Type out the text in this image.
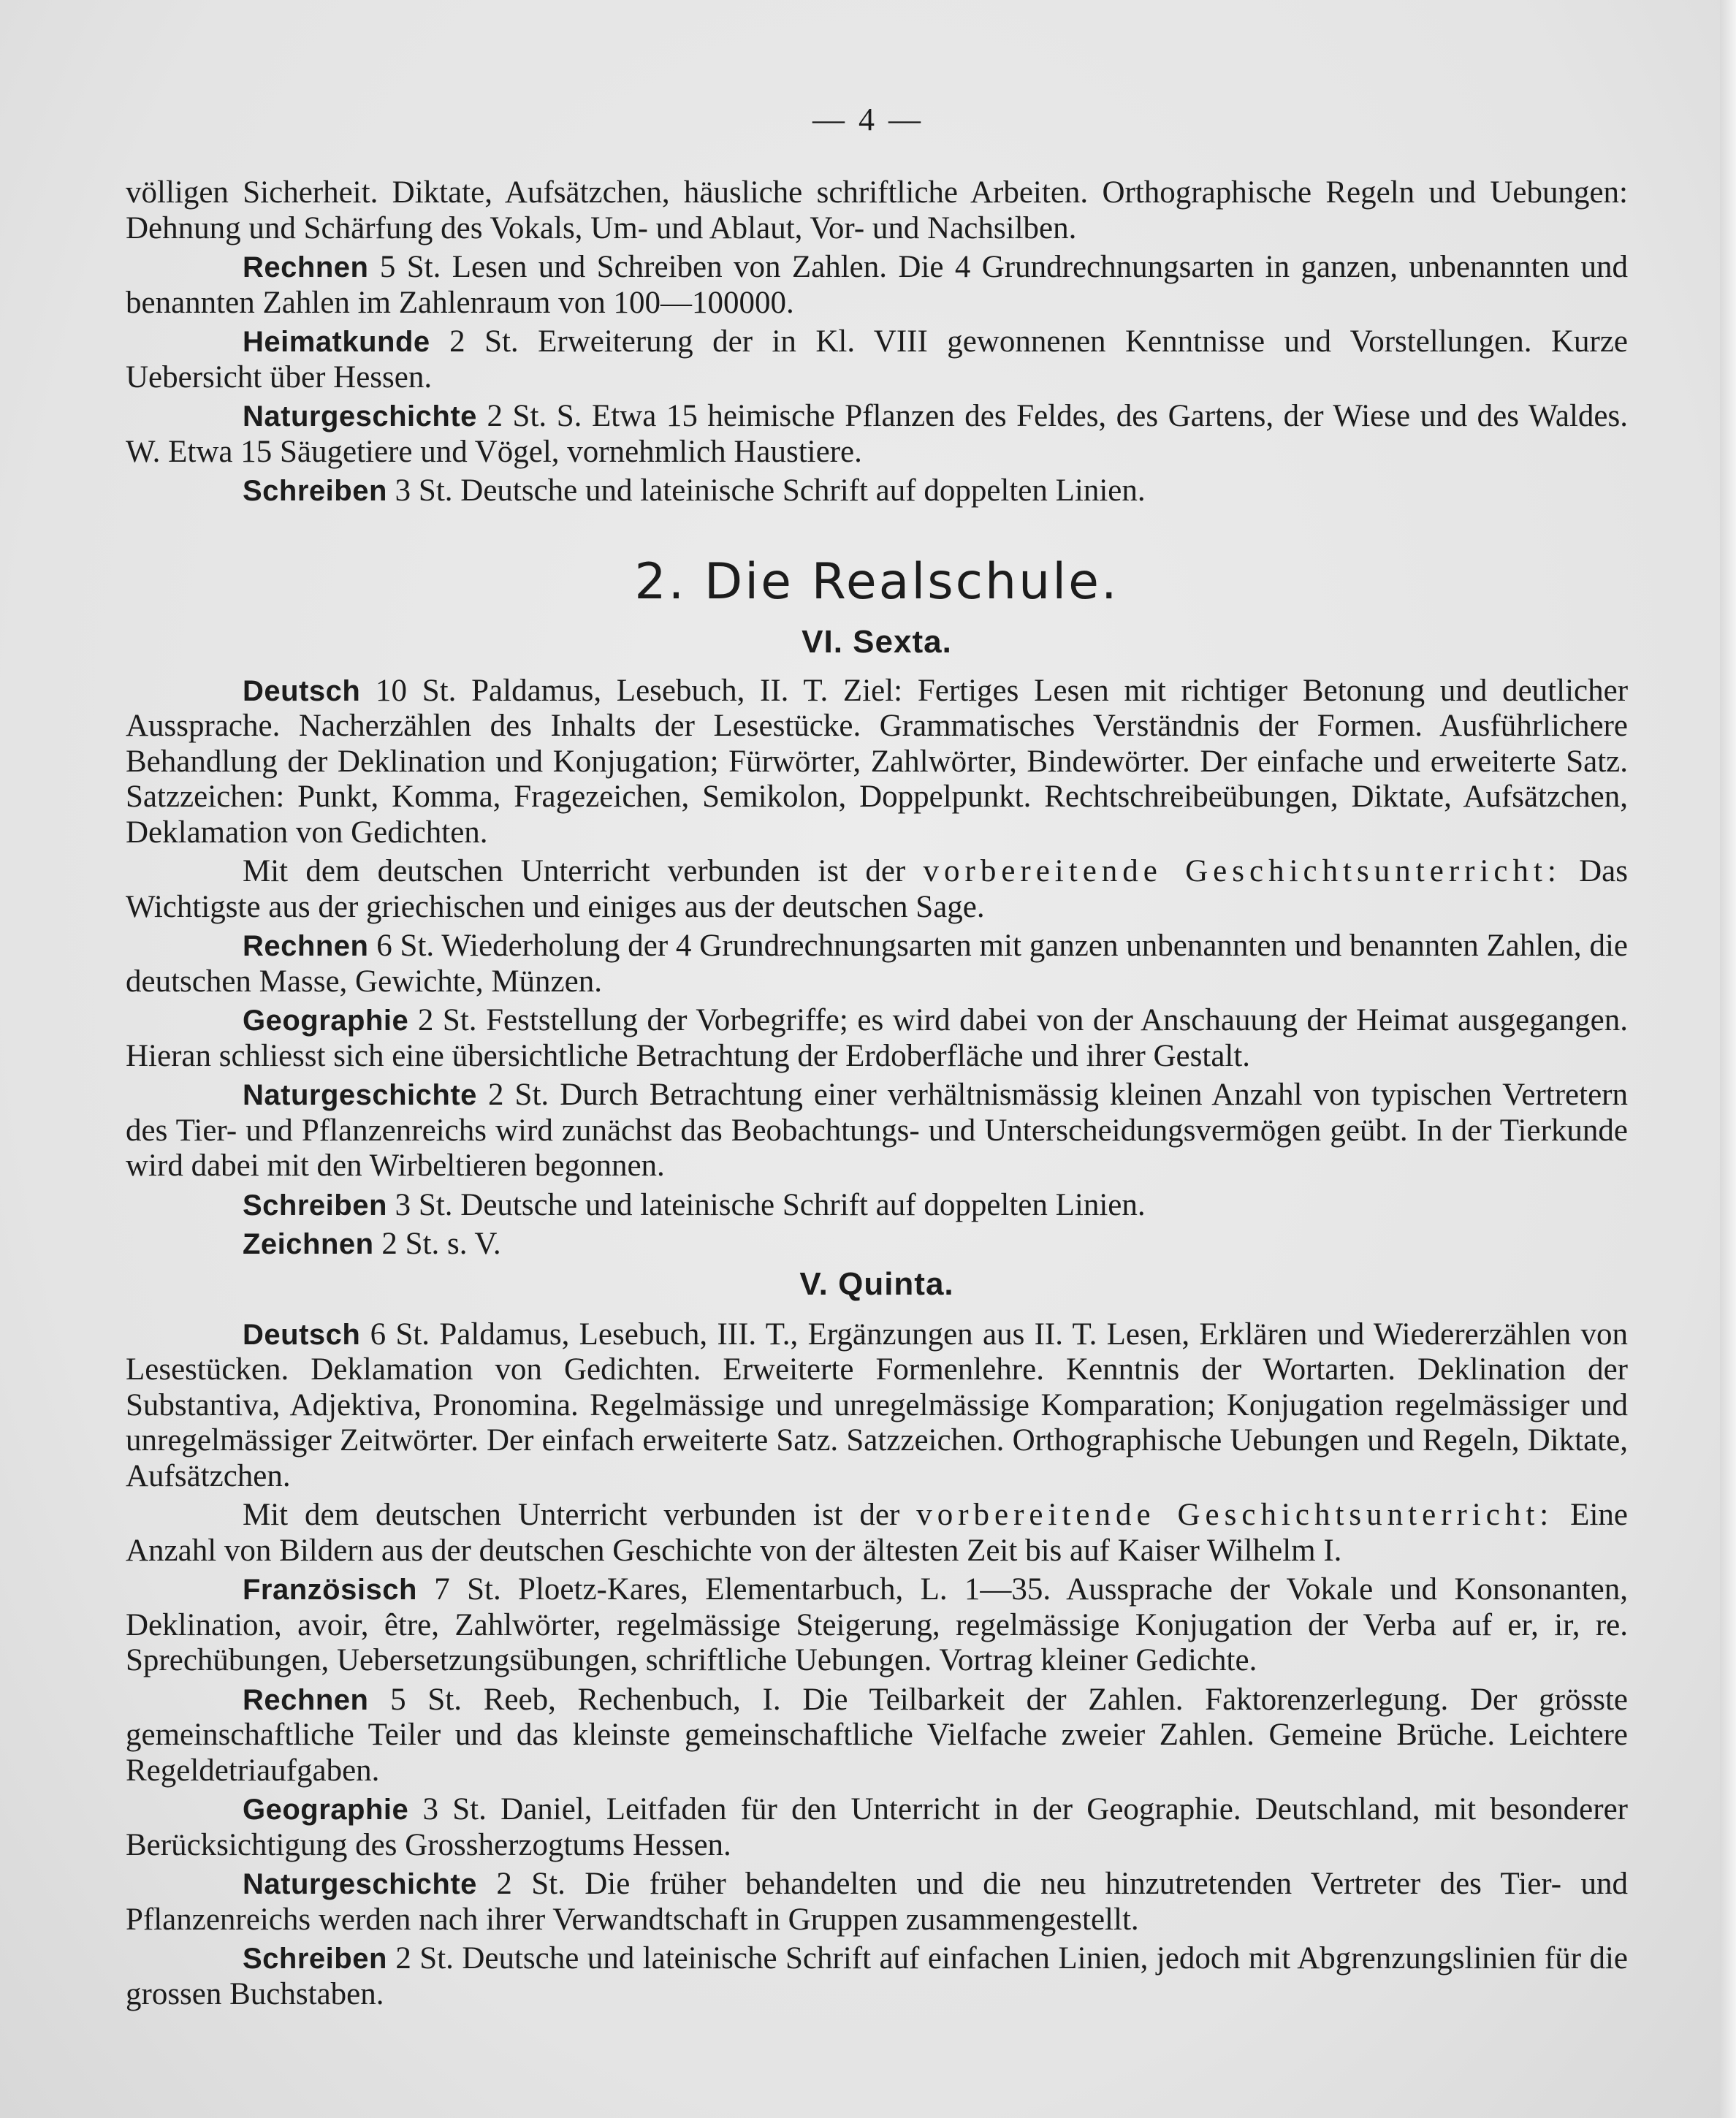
— 4 —

völligen Sicherheit. Diktate, Aufsätzchen, häusliche schriftliche Arbeiten. Orthographische Regeln und Uebungen: Dehnung und Schärfung des Vokals, Um- und Ablaut, Vor- und Nachsilben.

Rechnen 5 St. Lesen und Schreiben von Zahlen. Die 4 Grundrechnungsarten in ganzen, unbenannten und benannten Zahlen im Zahlenraum von 100—100000.

Heimatkunde 2 St. Erweiterung der in Kl. VIII gewonnenen Kenntnisse und Vorstellungen. Kurze Uebersicht über Hessen.

Naturgeschichte 2 St. S. Etwa 15 heimische Pflanzen des Feldes, des Gartens, der Wiese und des Waldes. W. Etwa 15 Säugetiere und Vögel, vornehmlich Haustiere.

Schreiben 3 St. Deutsche und lateinische Schrift auf doppelten Linien.

2. Die Realschule.
VI. Sexta.

Deutsch 10 St. Paldamus, Lesebuch, II. T. Ziel: Fertiges Lesen mit richtiger Betonung und deutlicher Aussprache. Nacherzählen des Inhalts der Lesestücke. Grammatisches Verständnis der Formen. Ausführlichere Behandlung der Deklination und Konjugation; Fürwörter, Zahlwörter, Bindewörter. Der einfache und erweiterte Satz. Satzzeichen: Punkt, Komma, Fragezeichen, Semikolon, Doppelpunkt. Rechtschreibeübungen, Diktate, Aufsätzchen, Deklamation von Gedichten.

Mit dem deutschen Unterricht verbunden ist der vorbereitende Geschichtsunterricht: Das Wichtigste aus der griechischen und einiges aus der deutschen Sage.

Rechnen 6 St. Wiederholung der 4 Grundrechnungsarten mit ganzen unbenannten und benannten Zahlen, die deutschen Masse, Gewichte, Münzen.

Geographie 2 St. Feststellung der Vorbegriffe; es wird dabei von der Anschauung der Heimat ausgegangen. Hieran schliesst sich eine übersichtliche Betrachtung der Erdoberfläche und ihrer Gestalt.

Naturgeschichte 2 St. Durch Betrachtung einer verhältnismässig kleinen Anzahl von typischen Vertretern des Tier- und Pflanzenreichs wird zunächst das Beobachtungs- und Unterscheidungsvermögen geübt. In der Tierkunde wird dabei mit den Wirbeltieren begonnen.

Schreiben 3 St. Deutsche und lateinische Schrift auf doppelten Linien.

Zeichnen 2 St. s. V.

V. Quinta.

Deutsch 6 St. Paldamus, Lesebuch, III. T., Ergänzungen aus II. T. Lesen, Erklären und Wiedererzählen von Lesestücken. Deklamation von Gedichten. Erweiterte Formenlehre. Kenntnis der Wortarten. Deklination der Substantiva, Adjektiva, Pronomina. Regelmässige und unregelmässige Komparation; Konjugation regelmässiger und unregelmässiger Zeitwörter. Der einfach erweiterte Satz. Satzzeichen. Orthographische Uebungen und Regeln, Diktate, Aufsätzchen.

Mit dem deutschen Unterricht verbunden ist der vorbereitende Geschichtsunterricht: Eine Anzahl von Bildern aus der deutschen Geschichte von der ältesten Zeit bis auf Kaiser Wilhelm I.

Französisch 7 St. Ploetz-Kares, Elementarbuch, L. 1—35. Aussprache der Vokale und Konsonanten, Deklination, avoir, être, Zahlwörter, regelmässige Steigerung, regelmässige Konjugation der Verba auf er, ir, re. Sprechübungen, Uebersetzungsübungen, schriftliche Uebungen. Vortrag kleiner Gedichte.

Rechnen 5 St. Reeb, Rechenbuch, I. Die Teilbarkeit der Zahlen. Faktorenzerlegung. Der grösste gemeinschaftliche Teiler und das kleinste gemeinschaftliche Vielfache zweier Zahlen. Gemeine Brüche. Leichtere Regeldetriaufgaben.

Geographie 3 St. Daniel, Leitfaden für den Unterricht in der Geographie. Deutschland, mit besonderer Berücksichtigung des Grossherzogtums Hessen.

Naturgeschichte 2 St. Die früher behandelten und die neu hinzutretenden Vertreter des Tier- und Pflanzenreichs werden nach ihrer Verwandtschaft in Gruppen zusammengestellt.

Schreiben 2 St. Deutsche und lateinische Schrift auf einfachen Linien, jedoch mit Abgrenzungslinien für die grossen Buchstaben.
